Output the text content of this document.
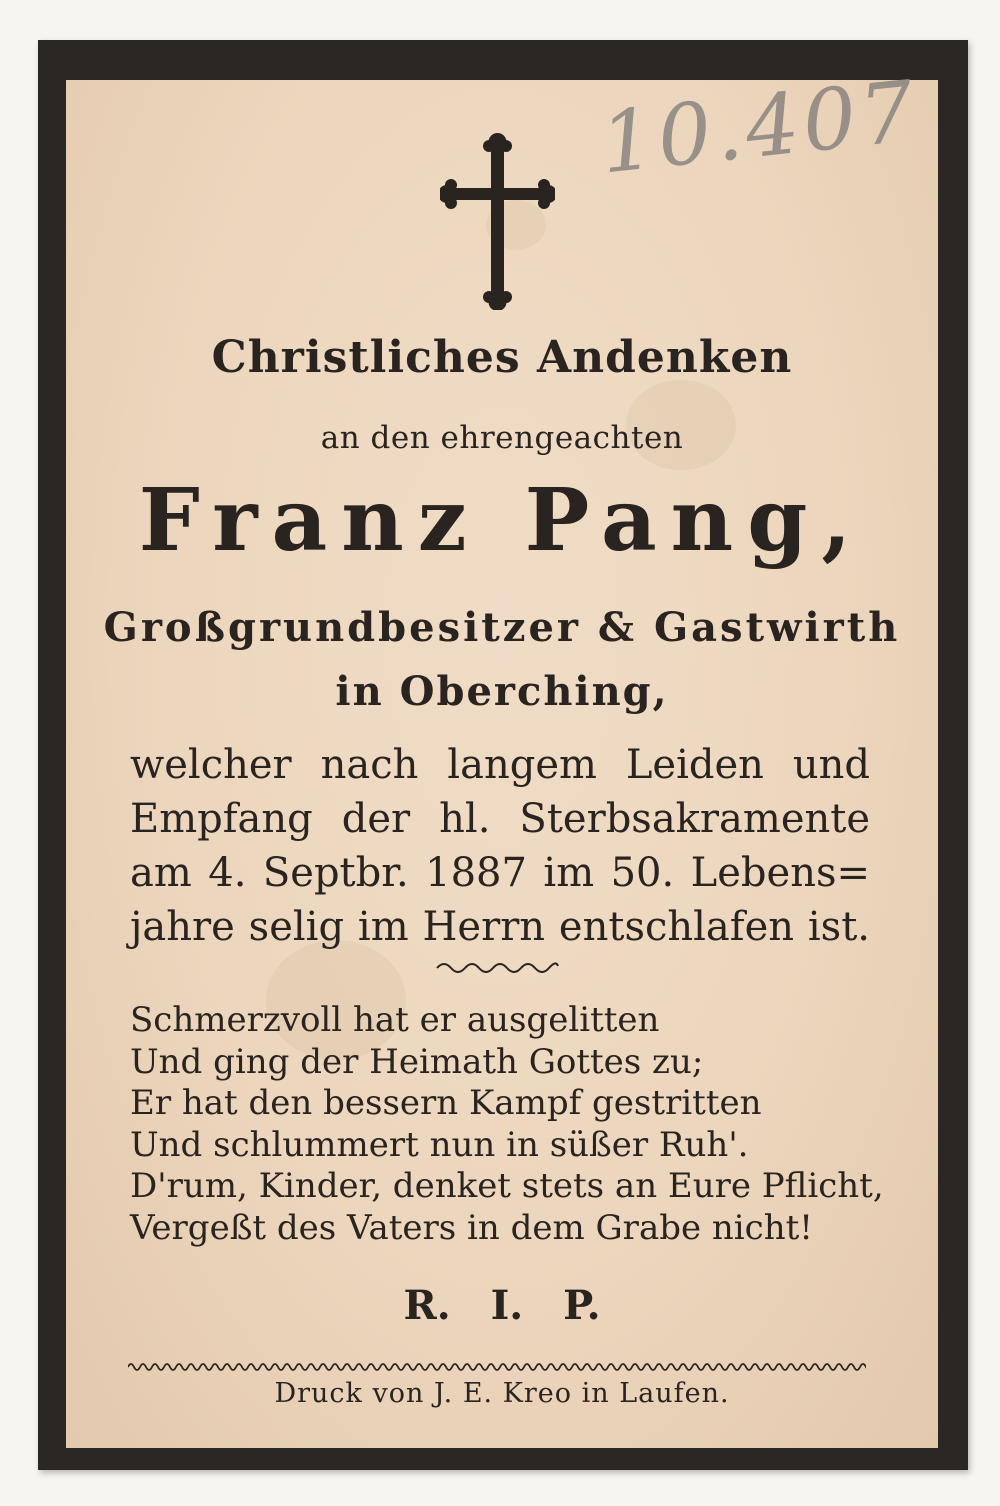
10.407
Christliches Andenken
an den ehrengeachten
Franz Pang,
Großgrundbesitzer & Gastwirth
in Oberching,
welcher nach langem Leiden und
Empfang der hl. Sterbsakramente
am 4. Septbr. 1887 im 50. Lebens=
jahre selig im Herrn entschlafen ist.
Schmerzvoll hat er ausgelitten
Und ging der Heimath Gottes zu;
Er hat den bessern Kampf gestritten
Und schlummert nun in süßer Ruh'.
D'rum, Kinder, denket stets an Eure Pflicht,
Vergeßt des Vaters in dem Grabe nicht!
R. I. P.
Druck von J. E. Kreo in Laufen.
